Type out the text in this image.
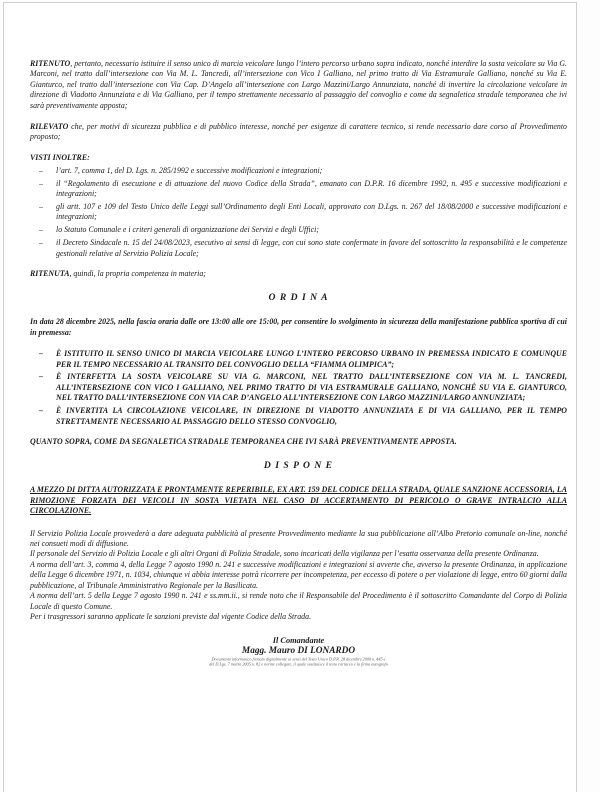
RITENUTO, pertanto, necessario istituire il senso unico di marcia veicolare lungo l’intero percorso urbano sopra indicato, nonché interdire la sosta veicolare su Via G. Marconi, nel tratto dall’intersezione con Via M. L. Tancredi, all’intersezione con Vico I Galliano, nel primo tratto di Via Estramurale Galliano, nonché su Via E. Gianturco, nel tratto dall’intersezione con Via Cap. D’Angelo all’intersezione con Largo Mazzini/Largo Annunziata, nonché di invertire la circolazione veicolare in direzione di Viadotto Annunziata e di Via Galliano, per il tempo strettamente necessario al passaggio del convoglio e come da segnaletica stradale temporanea che ivi sarà preventivamente apposta;

RILEVATO che, per motivi di sicurezza pubblica e di pubblico interesse, nonché per esigenze di carattere tecnico, si rende necessario dare corso al Provvedimento proposto;

VISTI INOLTRE:

–	l’art. 7, comma 1, del D. Lgs. n. 285/1992 e successive modificazioni e integrazioni;
–	il “Regolamento di esecuzione e di attuazione del nuovo Codice della Strada”, emanato con D.P.R. 16 dicembre 1992, n. 495 e successive modificazioni e integrazioni;
–	gli artt. 107 e 109 del Testo Unico delle Leggi sull’Ordinamento degli Enti Locali, approvato con D.Lgs. n. 267 del 18/08/2000 e successive modificazioni e integrazioni;
–	lo Statuto Comunale e i criteri generali di organizzazione dei Servizi e degli Uffici;
–	il Decreto Sindacale n. 15 del 24/08/2023, esecutivo ai sensi di legge, con cui sono state confermate in favore del sottoscritto la responsabilità e le competenze gestionali relative al Servizio Polizia Locale;

RITENUTA, quindi, la propria competenza in materia;

O R D I N A

In data 28 dicembre 2025, nella fascia oraria dalle ore 13:00 alle ore 15:00, per consentire lo svolgimento in sicurezza della manifestazione pubblica sportiva di cui in premessa:

–	È ISTITUITO IL SENSO UNICO DI MARCIA VEICOLARE LUNGO L’INTERO PERCORSO URBANO IN PREMESSA INDICATO E COMUNQUE PER IL TEMPO NECESSARIO AL TRANSITO DEL CONVOGLIO DELLA “FIAMMA OLIMPICA”;
–	È INTERFETTA LA SOSTA VEICOLARE SU VIA G. MARCONI, NEL TRATTO DALL’INTERSEZIONE CON VIA M. L. TANCREDI, ALL’INTERSEZIONE CON VICO I GALLIANO, NEL PRIMO TRATTO DI VIA ESTRAMURALE GALLIANO, NONCHÉ SU VIA E. GIANTURCO, NEL TRATTO DALL’INTERSEZIONE CON VIA CAP. D’ANGELO ALL’INTERSEZIONE CON LARGO MAZZINI/LARGO ANNUNZIATA;
–	È INVERTITA LA CIRCOLAZIONE VEICOLARE, IN DIREZIONE DI VIADOTTO ANNUNZIATA E DI VIA GALLIANO, PER IL TEMPO STRETTAMENTE NECESSARIO AL PASSAGGIO DELLO STESSO CONVOGLIO,

QUANTO SOPRA, COME DA SEGNALETICA STRADALE TEMPORANEA CHE IVI SARÀ PREVENTIVAMENTE APPOSTA.

D I S P O N E

A MEZZO DI DITTA AUTORIZZATA E PRONTAMENTE REPERIBILE, EX ART. 159 DEL CODICE DELLA STRADA, QUALE SANZIONE ACCESSORIA, LA RIMOZIONE FORZATA DEI VEICOLI IN SOSTA VIETATA NEL CASO DI ACCERTAMENTO DI PERICOLO O GRAVE INTRALCIO ALLA CIRCOLAZIONE.

Il Servizio Polizia Locale provvederà a dare adeguata pubblicità al presente Provvedimento mediante la sua pubblicazione all’Albo Pretorio comunale on-line, nonché nei consueti modi di diffusione.

Il personale del Servizio di Polizia Locale e gli altri Organi di Polizia Stradale, sono incaricati della vigilanza per l’esatta osservanza della presente Ordinanza.

A norma dell’art. 3, comma 4, della Legge 7 agosto 1990 n. 241 e successive modificazioni e integrazioni si avverte che, avverso la presente Ordinanza, in applicazione della Legge 6 dicembre 1971, n. 1034, chiunque vi abbia interesse potrà ricorrere per incompetenza, per eccesso di potere o per violazione di legge, entro 60 giorni dalla pubblicazione, al Tribunale Amministrativo Regionale per la Basilicata.

A norma dell’art. 5 della Legge 7 agosto 1990 n. 241 e ss.mm.ii., si rende noto che il Responsabile del Procedimento è il sottoscritto Comandante del Corpo di Polizia Locale di questo Comune.

Per i trasgressori saranno applicate le sanzioni previste dal vigente Codice della Strada.

Il Comandante
Magg. Mauro DI LONARDO
Documento informatico firmato digitalmente ai sensi del Testo Unico D.P.R. 28 dicembre 2000 n. 445 e
del D.Lgs. 7 marzo 2005 n. 82 e norme collegate, il quale sostituisce il testo cartaceo e la firma autografa
